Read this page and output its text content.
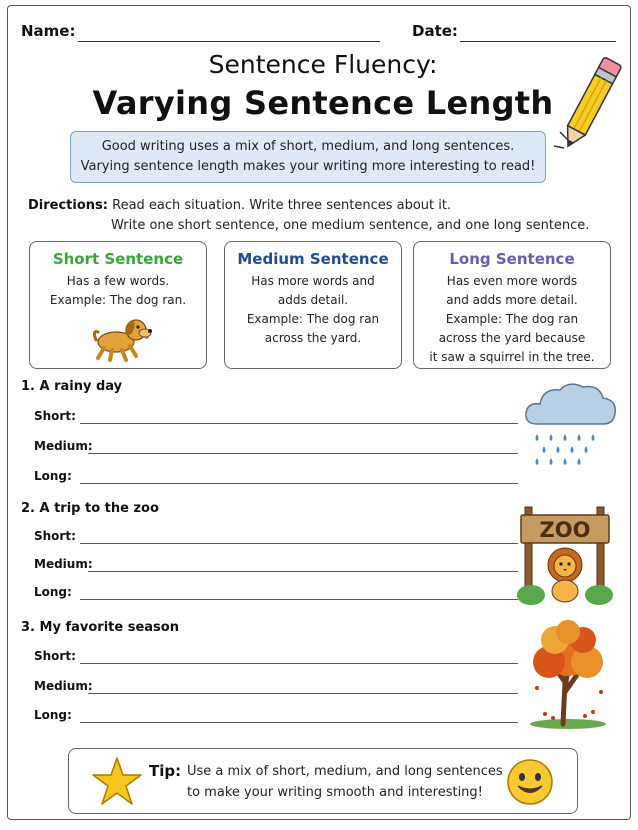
Name:	Date:
Sentence Fluency:
Varying Sentence Length
Good writing uses a mix of short, medium, and long sentences.
Varying sentence length makes your writing more interesting to read!
Directions: Read each situation. Write three sentences about it.
Write one short sentence, one medium sentence, and one long sentence.
Short Sentence
Has a few words.
Example: The dog ran.
Medium Sentence
Has more words and
adds detail.
Example: The dog ran
across the yard.
Long Sentence
Has even more words
and adds more detail.
Example: The dog ran
across the yard because
it saw a squirrel in the tree.
1. A rainy day
Short:
Medium:
Long:
2. A trip to the zoo
Short:
Medium:
Long:
ZOO
3. My favorite season
Short:
Medium:
Long:
Tip: Use a mix of short, medium, and long sentences
to make your writing smooth and interesting!
